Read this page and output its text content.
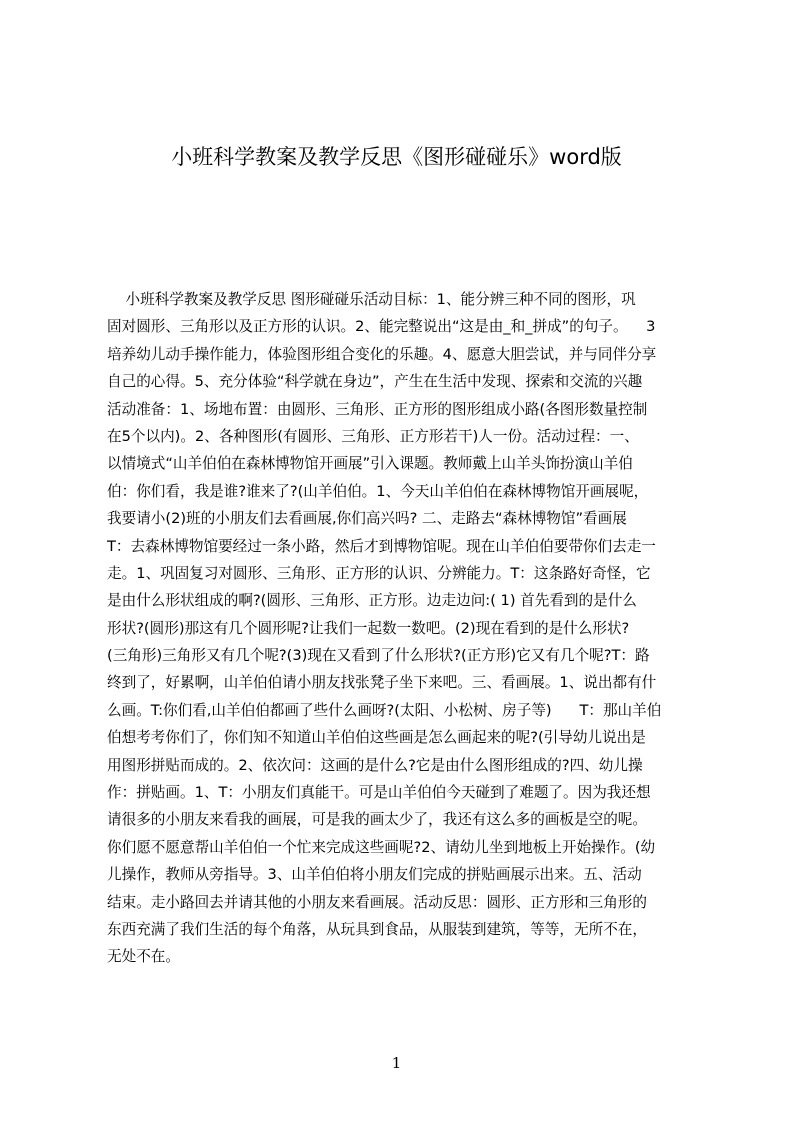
小班科学教案及教学反思《图形碰碰乐》word版
小班科学教案及教学反思 图形碰碰乐活动目标：1、能分辨三种不同的图形，巩
固对圆形、三角形以及正方形的认识。2、能完整说出“这是由_和_拼成”的句子。    3
培养幼儿动手操作能力，体验图形组合变化的乐趣。4、愿意大胆尝试，并与同伴分享
自己的心得。5、充分体验“科学就在身边”，产生在生活中发现、探索和交流的兴趣
活动准备：1、场地布置：由圆形、三角形、正方形的图形组成小路(各图形数量控制
在5个以内)。2、各种图形(有圆形、三角形、正方形若干)人一份。活动过程：一、
以情境式“山羊伯伯在森林博物馆开画展”引入课题。教师戴上山羊头饰扮演山羊伯
伯：你们看，我是谁?谁来了?(山羊伯伯。1、今天山羊伯伯在森林博物馆开画展呢，
我要请小(2)班的小朋友们去看画展,你们高兴吗? 二、走路去“森林博物馆”看画展
T：去森林博物馆要经过一条小路，然后才到博物馆呢。现在山羊伯伯要带你们去走一
走。1、巩固复习对圆形、三角形、正方形的认识、分辨能力。T：这条路好奇怪，它
是由什么形状组成的啊?(圆形、三角形、正方形。边走边问:( 1) 首先看到的是什么
形状?(圆形)那这有几个圆形呢?让我们一起数一数吧。(2)现在看到的是什么形状?
(三角形)三角形又有几个呢?(3)现在又看到了什么形状?(正方形)它又有几个呢?T：路
终到了，好累啊，山羊伯伯请小朋友找张凳子坐下来吧。三、看画展。1、说出都有什
么画。T:你们看,山羊伯伯都画了些什么画呀?(太阳、小松树、房子等)      T：那山羊伯
伯想考考你们了，你们知不知道山羊伯伯这些画是怎么画起来的呢?(引导幼儿说出是
用图形拼贴而成的。2、依次问：这画的是什么?它是由什么图形组成的?四、幼儿操
作：拼贴画。1、T：小朋友们真能干。可是山羊伯伯今天碰到了难题了。因为我还想
请很多的小朋友来看我的画展，可是我的画太少了，我还有这么多的画板是空的呢。
你们愿不愿意帮山羊伯伯一个忙来完成这些画呢?2、请幼儿坐到地板上开始操作。(幼
儿操作，教师从旁指导。3、山羊伯伯将小朋友们完成的拼贴画展示出来。五、活动
结束。走小路回去并请其他的小朋友来看画展。活动反思：圆形、正方形和三角形的
东西充满了我们生活的每个角落，从玩具到食品，从服装到建筑，等等，无所不在，
无处不在。
1
